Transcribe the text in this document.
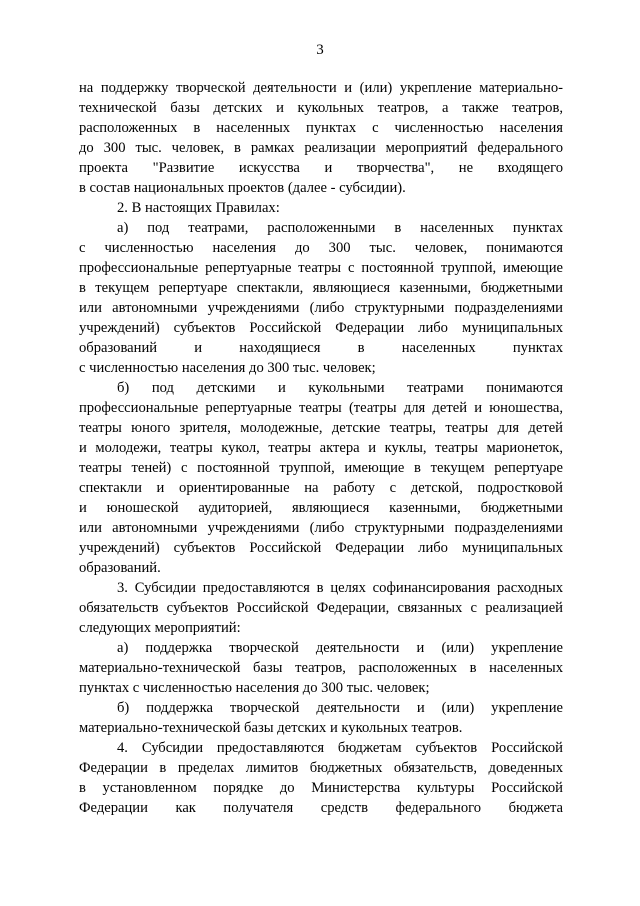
3
на поддержку творческой деятельности и (или) укрепление материально-
технической базы детских и кукольных театров, а также театров,
расположенных в населенных пунктах с численностью населения
до 300 тыс. человек, в рамках реализации мероприятий федерального
проекта "Развитие искусства и творчества", не входящего
в состав национальных проектов (далее - субсидии).
2. В настоящих Правилах:
а) под театрами, расположенными в населенных пунктах
с численностью населения до 300 тыс. человек, понимаются
профессиональные репертуарные театры с постоянной труппой, имеющие
в текущем репертуаре спектакли, являющиеся казенными, бюджетными
или автономными учреждениями (либо структурными подразделениями
учреждений) субъектов Российской Федерации либо муниципальных
образований и находящиеся в населенных пунктах
с численностью населения до 300 тыс. человек;
б) под детскими и кукольными театрами понимаются
профессиональные репертуарные театры (театры для детей и юношества,
театры юного зрителя, молодежные, детские театры, театры для детей
и молодежи, театры кукол, театры актера и куклы, театры марионеток,
театры теней) с постоянной труппой, имеющие в текущем репертуаре
спектакли и ориентированные на работу с детской, подростковой
и юношеской аудиторией, являющиеся казенными, бюджетными
или автономными учреждениями (либо структурными подразделениями
учреждений) субъектов Российской Федерации либо муниципальных
образований.
3. Субсидии предоставляются в целях софинансирования расходных
обязательств субъектов Российской Федерации, связанных с реализацией
следующих мероприятий:
а) поддержка творческой деятельности и (или) укрепление
материально-технической базы театров, расположенных в населенных
пунктах с численностью населения до 300 тыс. человек;
б) поддержка творческой деятельности и (или) укрепление
материально-технической базы детских и кукольных театров.
4. Субсидии предоставляются бюджетам субъектов Российской
Федерации в пределах лимитов бюджетных обязательств, доведенных
в установленном порядке до Министерства культуры Российской
Федерации как получателя средств федерального бюджета
